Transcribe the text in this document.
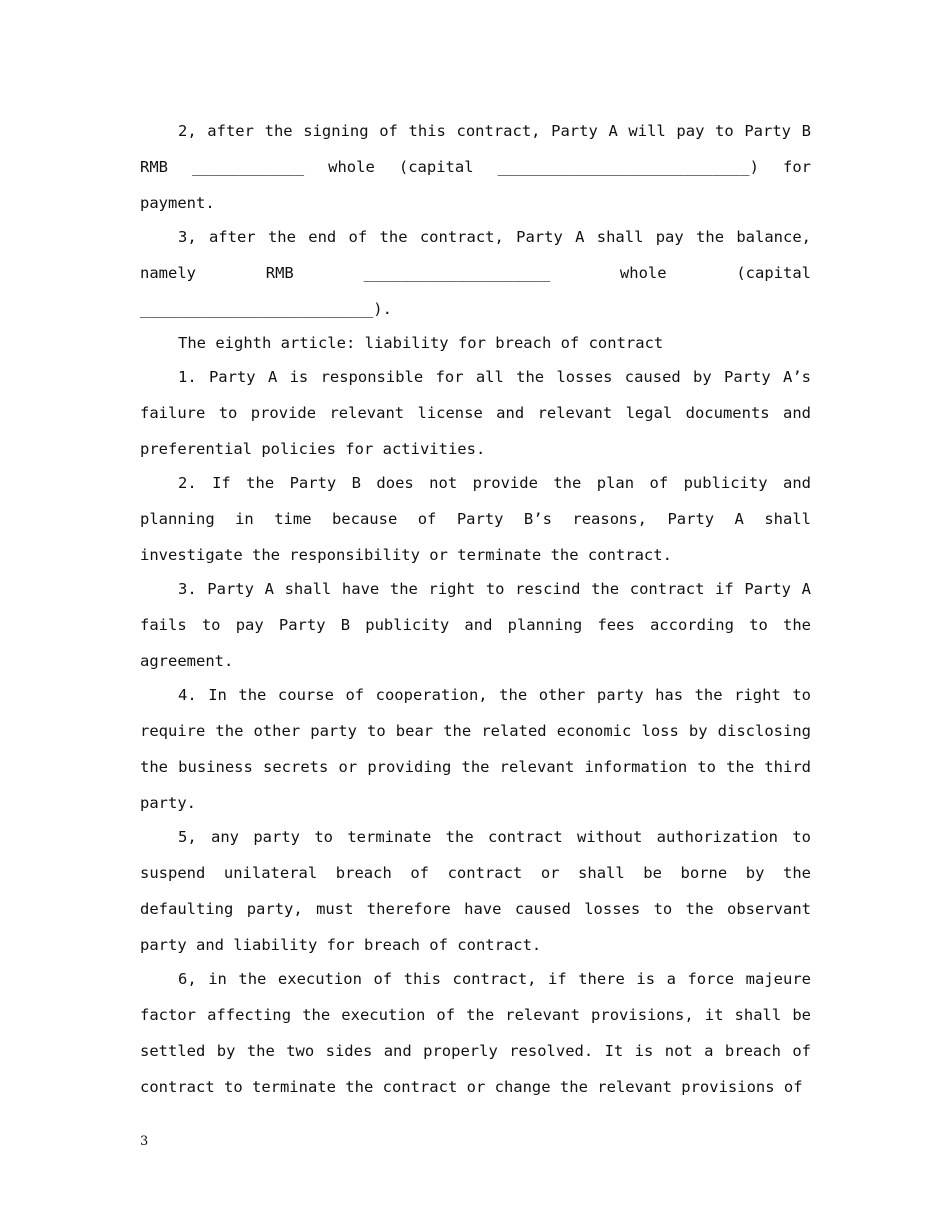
2, after the signing of this contract, Party A will pay to Party B RMB ____________ whole (capital ___________________________) for payment.

3, after the end of the contract, Party A shall pay the balance, namely RMB ____________________ whole (capital _________________________).

The eighth article: liability for breach of contract

1. Party A is responsible for all the losses caused by Party A’s failure to provide relevant license and relevant legal documents and preferential policies for activities.

2. If the Party B does not provide the plan of publicity and planning in time because of Party B’s reasons, Party A shall investigate the responsibility or terminate the contract.

3. Party A shall have the right to rescind the contract if Party A fails to pay Party B publicity and planning fees according to the agreement.

4. In the course of cooperation, the other party has the right to require the other party to bear the related economic loss by disclosing the business secrets or providing the relevant information to the third party.

5, any party to terminate the contract without authorization to suspend unilateral breach of contract or shall be borne by the defaulting party, must therefore have caused losses to the observant party and liability for breach of contract.

6, in the execution of this contract, if there is a force majeure factor affecting the execution of the relevant provisions, it shall be settled by the two sides and properly resolved. It is not a breach of contract to terminate the contract or change the relevant provisions of

3
